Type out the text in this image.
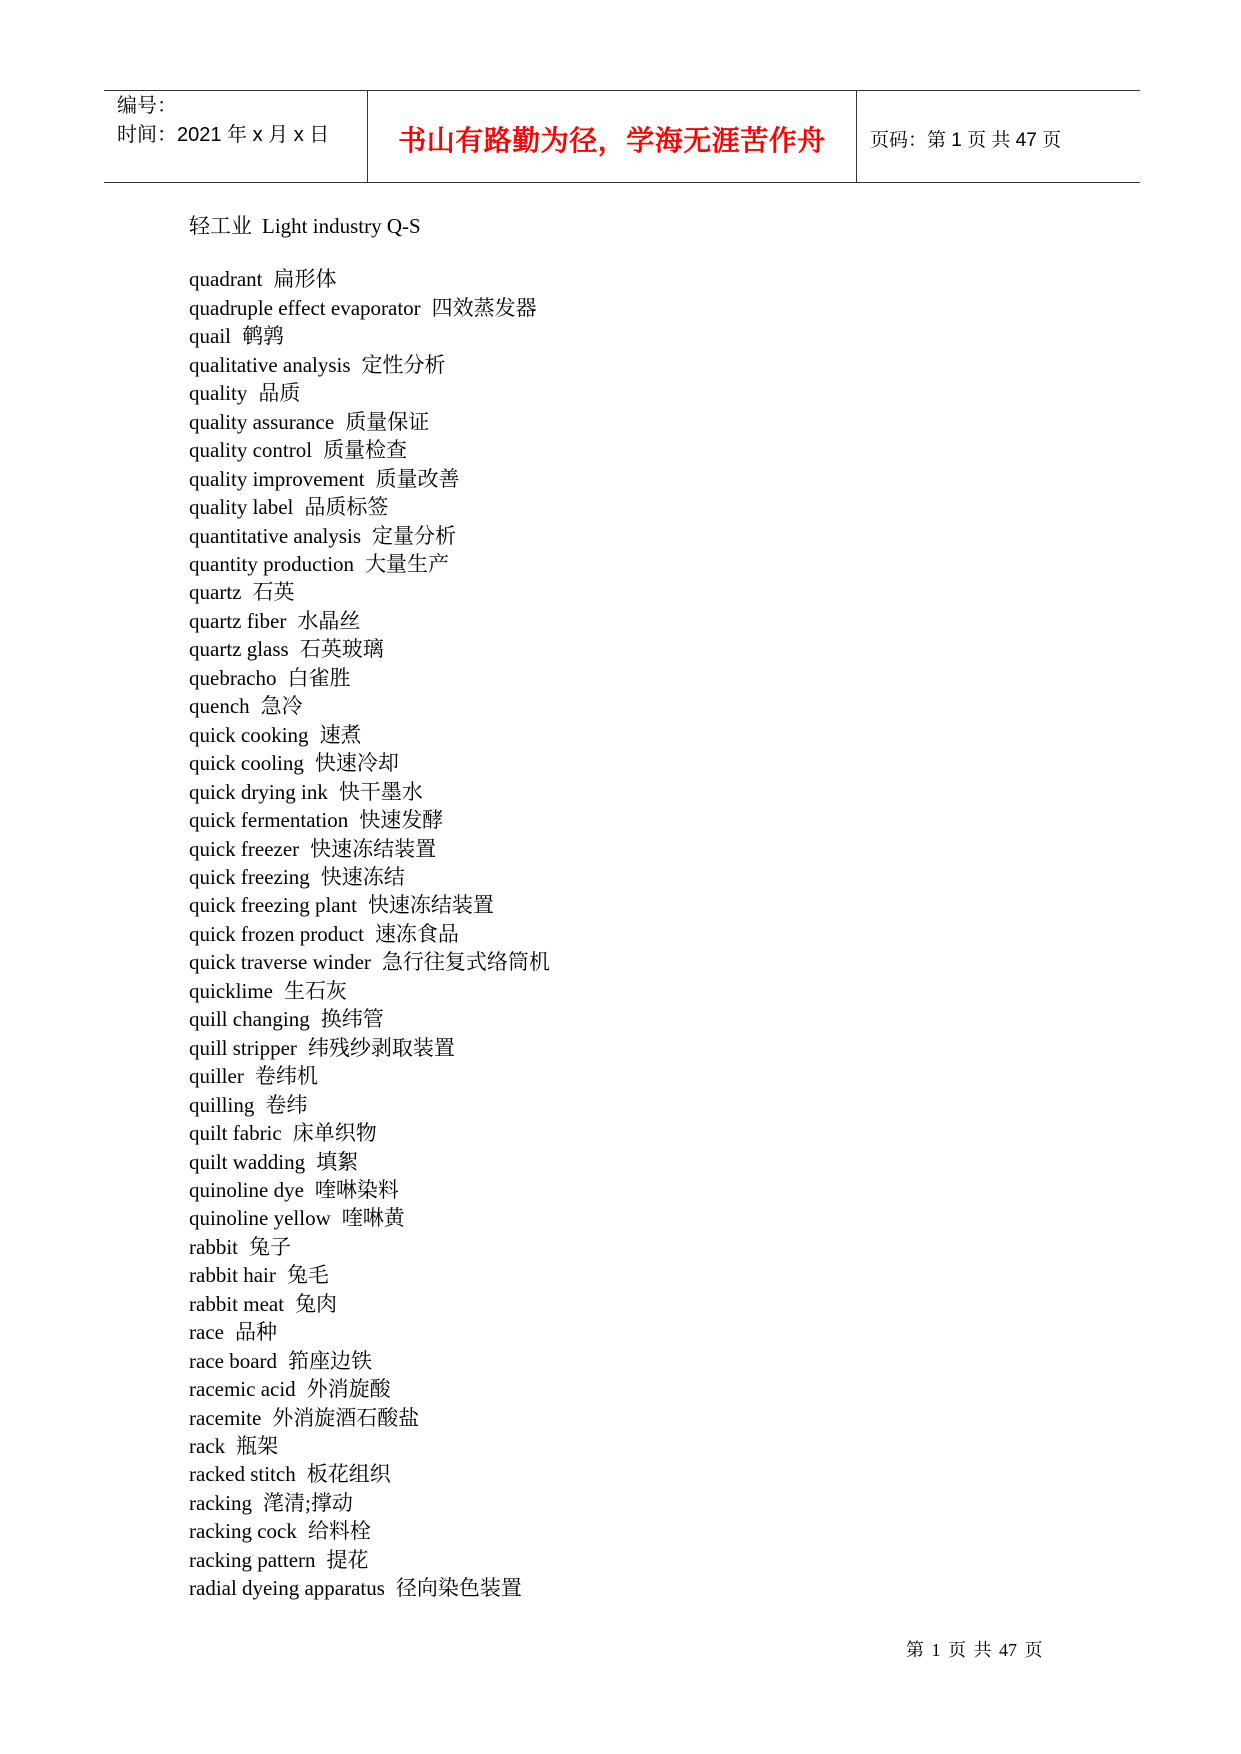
编号：
时间：2021 年 x 月 x 日	书山有路勤为径，学海无涯苦作舟 页码：第 1 页 共 47 页
轻工业 Light industry Q-S
quadrant 扁形体
quadruple effect evaporator 四效蒸发器
quail 鹌鹑
qualitative analysis 定性分析
quality 品质
quality assurance 质量保证
quality control 质量检查
quality improvement 质量改善
quality label 品质标签
quantitative analysis 定量分析
quantity production 大量生产
quartz 石英
quartz fiber 水晶丝
quartz glass 石英玻璃
quebracho 白雀胜
quench 急冷
quick cooking 速煮
quick cooling 快速冷却
quick drying ink 快干墨水
quick fermentation 快速发酵
quick freezer 快速冻结装置
quick freezing 快速冻结
quick freezing plant 快速冻结装置
quick frozen product 速冻食品
quick traverse winder 急行往复式络筒机
quicklime 生石灰
quill changing 换纬管
quill stripper 纬残纱剥取装置
quiller 卷纬机
quilling 卷纬
quilt fabric 床单织物
quilt wadding 填絮
quinoline dye 喹啉染料
quinoline yellow 喹啉黄
rabbit 兔子
rabbit hair 兔毛
rabbit meat 兔肉
race 品种
race board 筘座边铁
racemic acid 外消旋酸
racemite 外消旋酒石酸盐
rack 瓶架
racked stitch 板花组织
racking 滗清;撑动
racking cock 给料栓
racking pattern 提花
radial dyeing apparatus 径向染色装置
第 1 页 共 47 页
